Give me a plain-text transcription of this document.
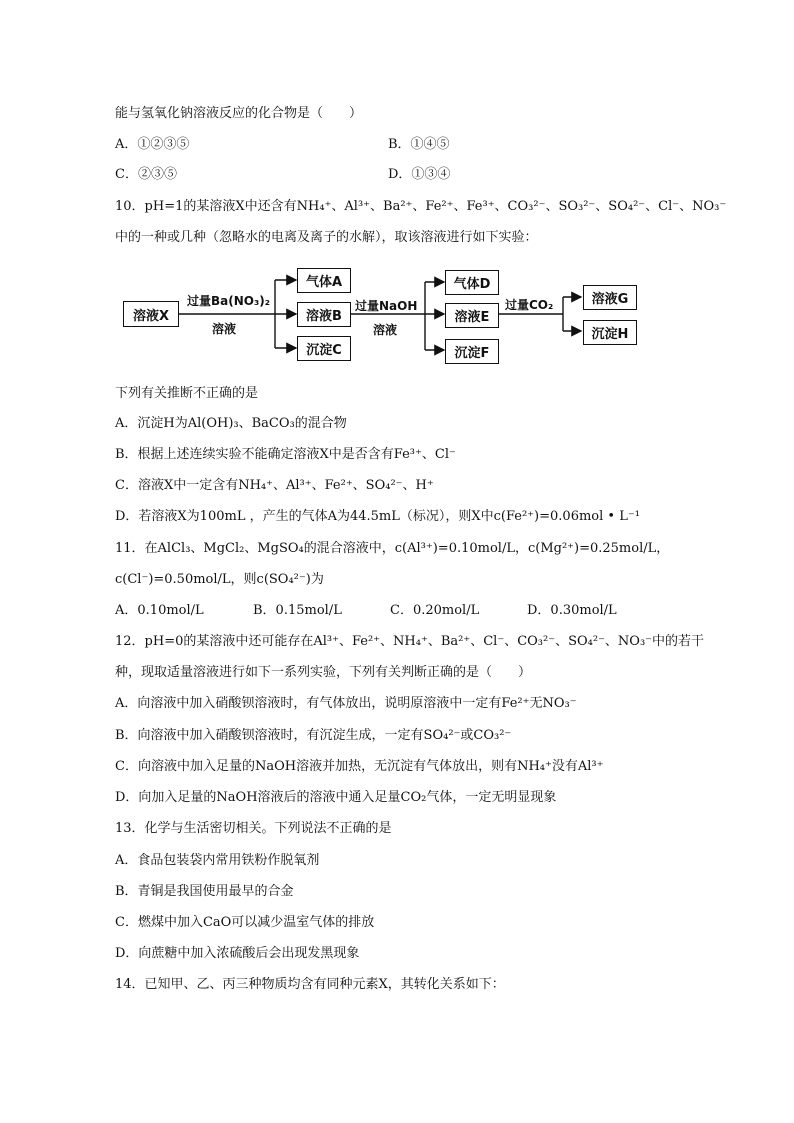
能与氢氧化钠溶液反应的化合物是（　　）
A．①②③⑤	B．①④⑤
C．②③⑤	D．①③④
10．pH=1的某溶液X中还含有NH₄⁺、Al³⁺、Ba²⁺、Fe²⁺、Fe³⁺、CO₃²⁻、SO₃²⁻、SO₄²⁻、Cl⁻、NO₃⁻
中的一种或几种（忽略水的电离及离子的水解），取该溶液进行如下实验：
溶液X
过量Ba(NO₃)₂
溶液
气体A
溶液B
沉淀C
过量NaOH
溶液
气体D
溶液E
沉淀F
过量CO₂	溶液G
沉淀H
下列有关推断不正确的是
A．沉淀H为Al(OH)₃、BaCO₃的混合物
B．根据上述连续实验不能确定溶液X中是否含有Fe³⁺、Cl⁻
C．溶液X中一定含有NH₄⁺、Al³⁺、Fe²⁺、SO₄²⁻、H⁺
D．若溶液X为100mL ，产生的气体A为44.5mL（标况），则X中c(Fe²⁺)=0.06mol • L⁻¹
11．在AlCl₃、MgCl₂、MgSO₄的混合溶液中，c(Al³⁺)=0.10mol/L，c(Mg²⁺)=0.25mol/L，
c(Cl⁻)=0.50mol/L，则c(SO₄²⁻)为
A．0.10mol/L	B．0.15mol/L	C．0.20mol/L	D．0.30mol/L
12．pH=0的某溶液中还可能存在Al³⁺、Fe²⁺、NH₄⁺、Ba²⁺、Cl⁻、CO₃²⁻、SO₄²⁻、NO₃⁻中的若干
种，现取适量溶液进行如下一系列实验，下列有关判断正确的是（　　）
A．向溶液中加入硝酸钡溶液时，有气体放出，说明原溶液中一定有Fe²⁺无NO₃⁻
B．向溶液中加入硝酸钡溶液时，有沉淀生成，一定有SO₄²⁻或CO₃²⁻
C．向溶液中加入足量的NaOH溶液并加热，无沉淀有气体放出，则有NH₄⁺没有Al³⁺
D．向加入足量的NaOH溶液后的溶液中通入足量CO₂气体，一定无明显现象
13．化学与生活密切相关。下列说法不正确的是
A．食品包装袋内常用铁粉作脱氧剂
B．青铜是我国使用最早的合金
C．燃煤中加入CaO可以减少温室气体的排放
D．向蔗糖中加入浓硫酸后会出现发黑现象
14．已知甲、乙、丙三种物质均含有同种元素X，其转化关系如下：
